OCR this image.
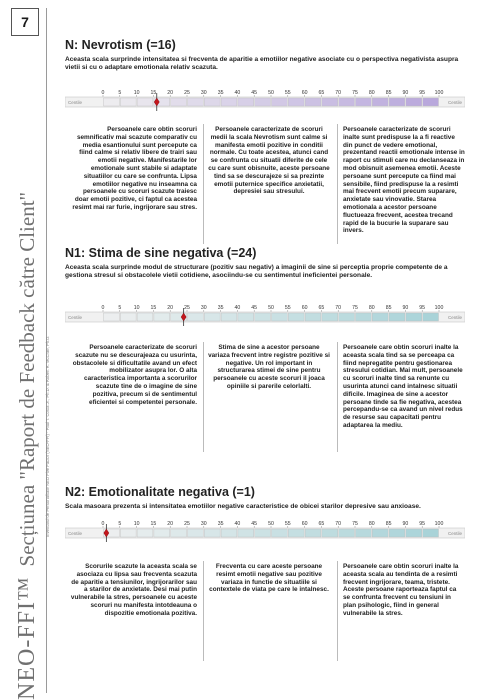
7
NEO-FFI™Secțiunea "Raport de Feedback către Client" Inventarul de Personalitate NEO Five Factor (NEO-FFI) · Paul T. Costa Jr., Ph.D. & Robert R. McCrae, Ph.D.
N: Nevrotism (=16)
Aceasta scala surprinde intensitatea si frecventa de aparitie a emotiilor negative asociate cu o perspectiva negativista asupra vietii si cu o adaptare emotionala relativ scazuta.
0	5 10 15 20 25 30 35 40 45 50 55 60 65 70 75 80 85 90 95 100
Centile	Centile
Persoanele care obtin scoruri semnificativ mai scazute comparativ cu media esantionului sunt percepute ca fiind calme si relativ libere de trairi sau emotii negative. Manifestarile lor emotionale sunt stabile si adaptate situatiilor cu care se confrunta. Lipsa emotiilor negative nu inseamna ca persoanele cu scoruri scazute traiesc doar emotii pozitive, ci faptul ca acestea resimt mai rar furie, ingrijorare sau stres.
Persoanele caracterizate de scoruri medii la scala Nevrotism sunt calme si manifesta emotii pozitive in conditii normale. Cu toate acestea, atunci cand se confrunta cu situatii diferite de cele cu care sunt obisnuite, aceste persoane tind sa se descurajeze si sa prezinte emotii puternice specifice anxietatii, depresiei sau stresului.
Persoanele caracterizate de scoruri inalte sunt predispuse la a fi reactive din punct de vedere emotional, prezentand reactii emotionale intense in raport cu stimuli care nu declanseaza in mod obisnuit asemenea emotii. Aceste persoane sunt percepute ca fiind mai sensibile, fiind predispuse la a resimti mai frecvent emotii precum suparare, anxietate sau vinovatie. Starea emotionala a acestor persoane fluctueaza frecvent, acestea trecand rapid de la bucurie la suparare sau invers.
N1: Stima de sine negativa (=24)
Aceasta scala surprinde modul de structurare (pozitiv sau negativ) a imaginii de sine si perceptia proprie competente de a gestiona stresul si obstacolele vietii cotidiene, asociindu-se cu sentimentul ineficientei personale.
0	5 10 15 20 25 30 35 40 45 50 55 60 65 70 75 80 85 90 95 100
Centile	Centile
Persoanele caracterizate de scoruri scazute nu se descurajeaza cu usurinta, obstacolele si dificultatile avand un efect mobilizator asupra lor. O alta caracteristica importanta a scorurilor scazute tine de o imagine de sine pozitiva, precum si de sentimentul eficientei si competentei personale.
Stima de sine a acestor persoane variaza frecvent intre registre pozitive si negative. Un rol important in structurarea stimei de sine pentru persoanele cu aceste scoruri il joaca opiniile si parerile celorlalti.
Persoanele care obtin scoruri inalte la aceasta scala tind sa se perceapa ca fiind nepregatite pentru gestionarea stresului cotidian. Mai mult, persoanele cu scoruri inalte tind sa renunte cu usurinta atunci cand intalnesc situatii dificile. Imaginea de sine a acestor persoane tinde sa fie negativa, acestea percepandu-se ca avand un nivel redus de resurse sau capacitati pentru adaptarea la mediu.
N2: Emotionalitate negativa (=1)
Scala masoara prezenta si intensitatea emotiilor negative caracteristice de obicei starilor depresive sau anxioase.
0	5 10 15 20 25 30 35 40 45 50 55 60 65 70 75 80 85 90 95 100
Centile	Centile
Scorurile scazute la aceasta scala se asociaza cu lipsa sau frecventa scazuta de aparitie a tensiunilor, ingrijorarilor sau a starilor de anxietate. Desi mai putin vulnerabile la stres, persoanele cu aceste scoruri nu manifesta intotdeauna o dispozitie emotionala pozitiva.
Frecventa cu care aceste persoane resimt emotii negative sau pozitive variaza in functie de situatiile si contextele de viata pe care le intalnesc.
Persoanele care obtin scoruri inalte la aceasta scala au tendinta de a resimti frecvent ingrijorare, teama, tristete. Aceste persoane raporteaza faptul ca se confrunta frecvent cu tensiuni in plan psihologic, fiind in general vulnerabile la stres.
